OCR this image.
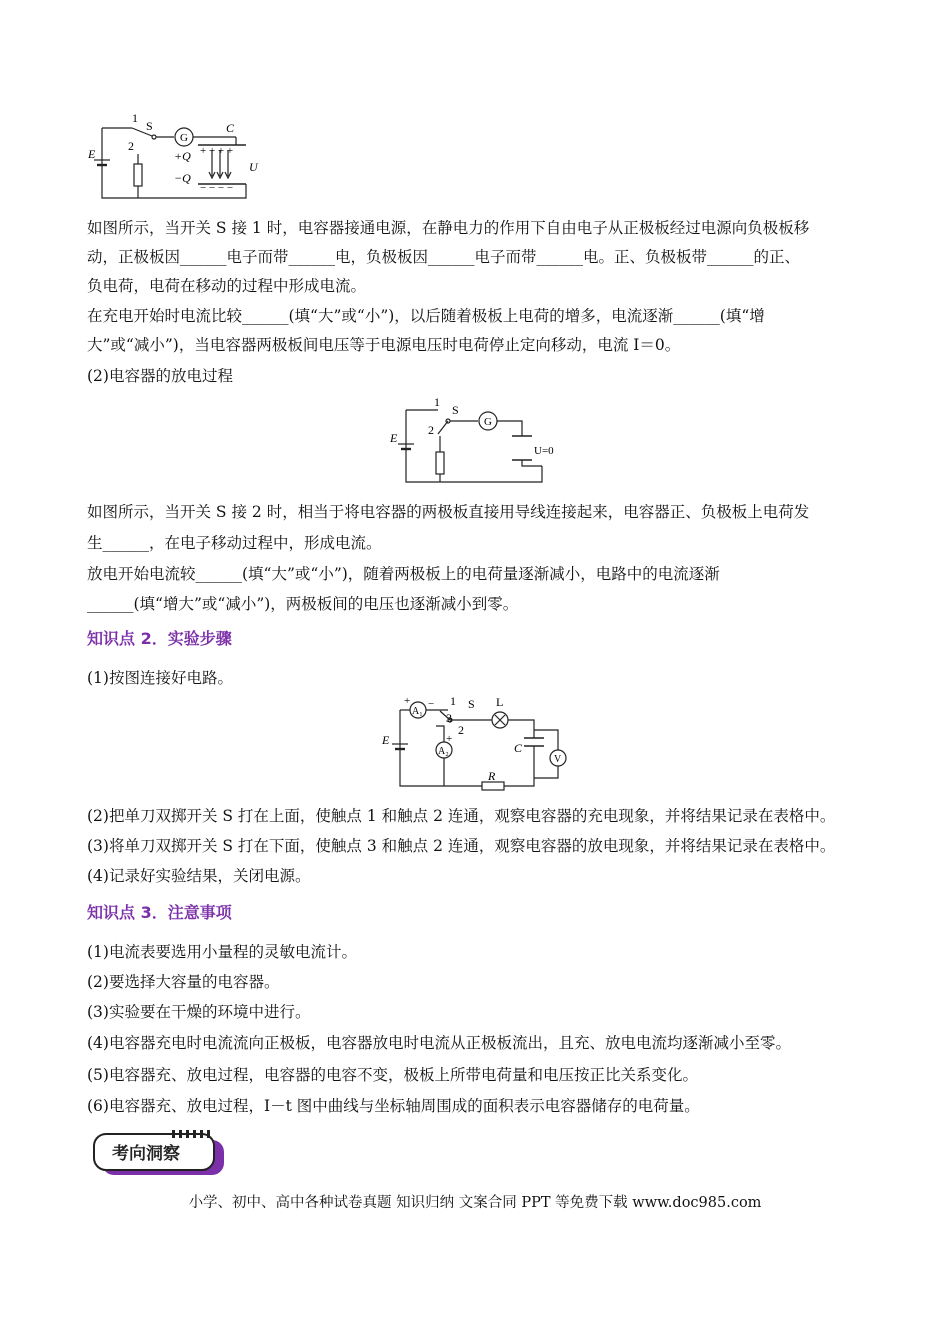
1
S
G
C
2
E	+Q
−Q
+ + + +
− − − −
U
如图所示，当开关 S 接 1 时，电容器接通电源，在静电力的作用下自由电子从正极板经过电源向负极板移
动，正极板因______电子而带______电，负极板因______电子而带______电。正、负极板带______的正、
负电荷，电荷在移动的过程中形成电流。
在充电开始时电流比较______(填“大”或“小”)，以后随着极板上电荷的增多，电流逐渐______(填“增
大”或“减小”)，当电容器两极板间电压等于电源电压时电荷停止定向移动，电流 I＝0。
(2)电容器的放电过程
1
S
G
2
E
U=0
如图所示，当开关 S 接 2 时，相当于将电容器的两极板直接用导线连接起来，电容器正、负极板上电荷发
生______，在电子移动过程中，形成电流。
放电开始电流较______(填“大”或“小”)，随着两极板上的电荷量逐渐减小，电路中的电流逐渐
______(填“增大”或“减小”)，两极板间的电压也逐渐减小到零。
知识点 2．实验步骤
(1)按图连接好电路。
+
A₁
− 1 S L
3
2
E	+
A₂	C
V
R
(2)把单刀双掷开关 S 打在上面，使触点 1 和触点 2 连通，观察电容器的充电现象，并将结果记录在表格中。
(3)将单刀双掷开关 S 打在下面，使触点 3 和触点 2 连通，观察电容器的放电现象，并将结果记录在表格中。
(4)记录好实验结果，关闭电源。
知识点 3．注意事项
(1)电流表要选用小量程的灵敏电流计。
(2)要选择大容量的电容器。
(3)实验要在干燥的环境中进行。
(4)电容器充电时电流流向正极板，电容器放电时电流从正极板流出，且充、放电电流均逐渐减小至零。
(5)电容器充、放电过程，电容器的电容不变，极板上所带电荷量和电压按正比关系变化。
(6)电容器充、放电过程，I－t 图中曲线与坐标轴周围成的面积表示电容器储存的电荷量。
考向洞察
小学、初中、高中各种试卷真题 知识归纳 文案合同 PPT 等免费下载 www.doc985.com
